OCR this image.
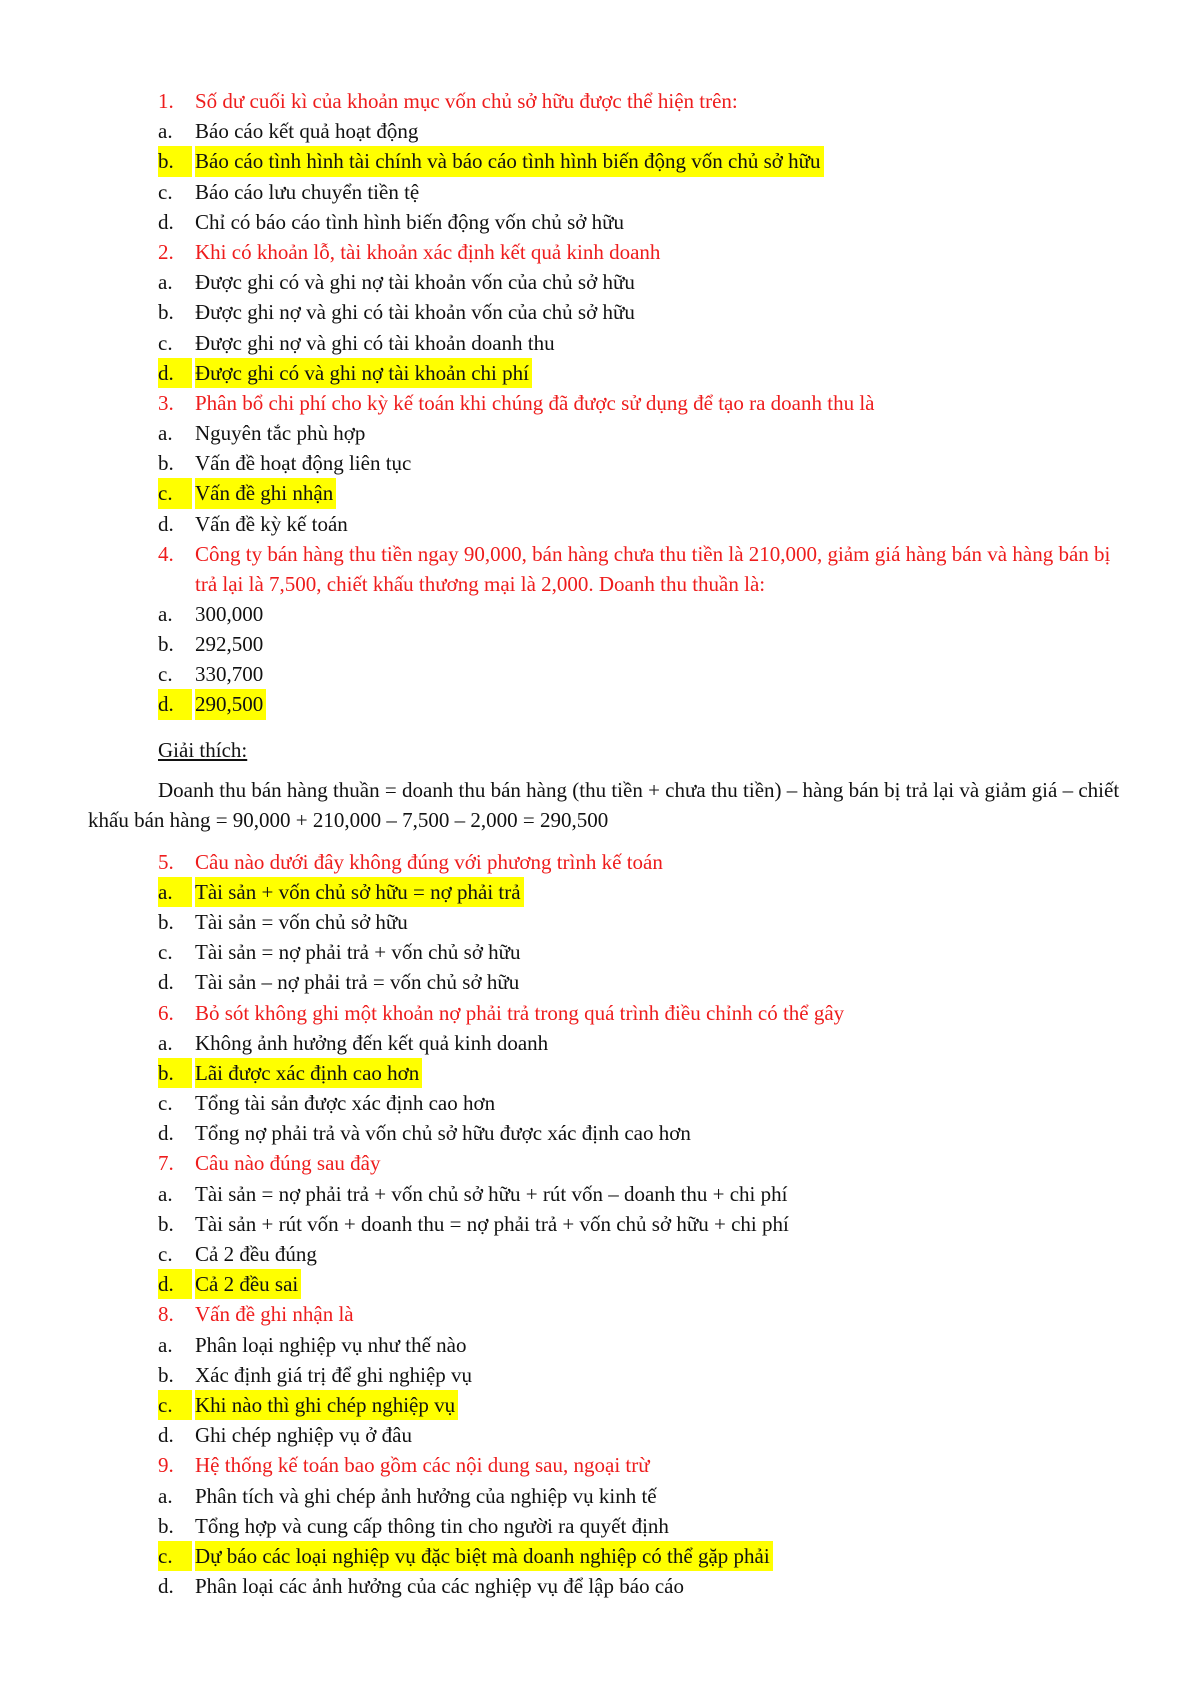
1.	Số dư cuối kì của khoản mục vốn chủ sở hữu được thể hiện trên:
a.	Báo cáo kết quả hoạt động
b.	Báo cáo tình hình tài chính và báo cáo tình hình biến động vốn chủ sở hữu
c.	Báo cáo lưu chuyển tiền tệ
d.	Chỉ có báo cáo tình hình biến động vốn chủ sở hữu
2.	Khi có khoản lỗ, tài khoản xác định kết quả kinh doanh
a.	Được ghi có và ghi nợ tài khoản vốn của chủ sở hữu
b.	Được ghi nợ và ghi có tài khoản vốn của chủ sở hữu
c.	Được ghi nợ và ghi có tài khoản doanh thu
d.	Được ghi có và ghi nợ tài khoản chi phí
3.	Phân bổ chi phí cho kỳ kế toán khi chúng đã được sử dụng để tạo ra doanh thu là
a.	Nguyên tắc phù hợp
b.	Vấn đề hoạt động liên tục
c.	Vấn đề ghi nhận
d.	Vấn đề kỳ kế toán
4.	Công ty bán hàng thu tiền ngay 90,000, bán hàng chưa thu tiền là 210,000, giảm giá hàng bán và hàng bán bị trả lại là 7,500, chiết khấu thương mại là 2,000. Doanh thu thuần là:
a.	300,000
b.	292,500
c.	330,700
d.	290,500
Giải thích:
Doanh thu bán hàng thuần = doanh thu bán hàng (thu tiền + chưa thu tiền) – hàng bán bị trả lại và giảm giá – chiết khấu bán hàng = 90,000 + 210,000 – 7,500 – 2,000 = 290,500
5.	Câu nào dưới đây không đúng với phương trình kế toán
a.	Tài sản + vốn chủ sở hữu = nợ phải trả
b.	Tài sản = vốn chủ sở hữu
c.	Tài sản = nợ phải trả + vốn chủ sở hữu
d.	Tài sản – nợ phải trả = vốn chủ sở hữu
6.	Bỏ sót không ghi một khoản nợ phải trả trong quá trình điều chỉnh có thể gây
a.	Không ảnh hưởng đến kết quả kinh doanh
b.	Lãi được xác định cao hơn
c.	Tổng tài sản được xác định cao hơn
d.	Tổng nợ phải trả và vốn chủ sở hữu được xác định cao hơn
7.	Câu nào đúng sau đây
a.	Tài sản = nợ phải trả + vốn chủ sở hữu + rút vốn – doanh thu + chi phí
b.	Tài sản + rút vốn + doanh thu = nợ phải trả + vốn chủ sở hữu + chi phí
c.	Cả 2 đều đúng
d.	Cả 2 đều sai
8.	Vấn đề ghi nhận là
a.	Phân loại nghiệp vụ như thế nào
b.	Xác định giá trị để ghi nghiệp vụ
c.	Khi nào thì ghi chép nghiệp vụ
d.	Ghi chép nghiệp vụ ở đâu
9.	Hệ thống kế toán bao gồm các nội dung sau, ngoại trừ
a.	Phân tích và ghi chép ảnh hưởng của nghiệp vụ kinh tế
b.	Tổng hợp và cung cấp thông tin cho người ra quyết định
c.	Dự báo các loại nghiệp vụ đặc biệt mà doanh nghiệp có thể gặp phải
d.	Phân loại các ảnh hưởng của các nghiệp vụ để lập báo cáo
